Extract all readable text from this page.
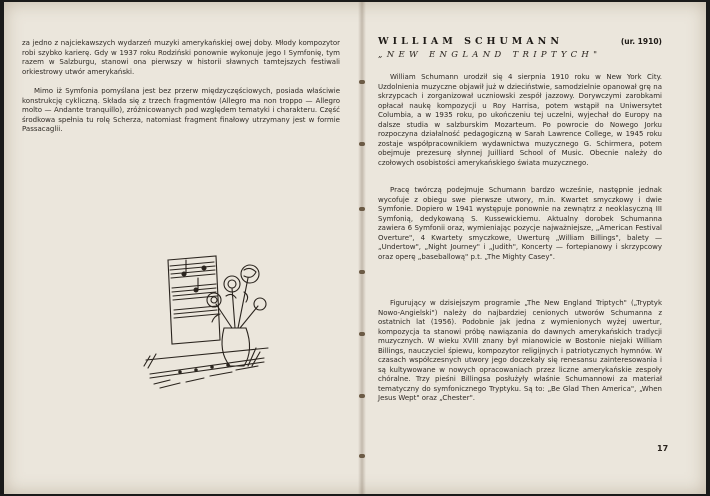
za jedno z najciekawszych wydarzeń muzyki amerykańskiej owej doby. Młody kompozytor robi szybko karierę. Gdy w 1937 roku Rodziński ponownie wykonuje jego I Symfonię, tym razem w Salzburgu, stanowi ona pierwszy w historii sławnych tamtejszych festiwali orkiestrowy utwór amerykański.

Mimo iż Symfonia pomyślana jest bez przerw międzyczęściowych, posiada właściwie konstrukcję cykliczną. Składa się z trzech fragmentów (Allegro ma non troppo — Allegro molto — Andante tranquillo), zróżnicowanych pod względem tematyki i charakteru. Część środkowa spełnia tu rolę Scherza, natomiast fragment finałowy utrzymany jest w formie Passacaglii.

WILLIAM SCHUMANN	(ur. 1910)
„NEW ENGLAND TRIPTYCH"

William Schumann urodził się 4 sierpnia 1910 roku w New York City. Uzdolnienia muzyczne objawił już w dzieciństwie, samodzielnie opanował grę na skrzypcach i zorganizował uczniowski zespół jazzowy. Dorywczymi zarobkami opłacał naukę kompozycji u Roy Harrisa, potem wstąpił na Uniwersytet Columbia, a w 1935 roku, po ukończeniu tej uczelni, wyjechał do Europy na dalsze studia w salzburskim Mozarteum. Po powrocie do Nowego Jorku rozpoczyna działalność pedagogiczną w Sarah Lawrence College, w 1945 roku zostaje współpracownikiem wydawnictwa muzycznego G. Schirmera, potem obejmuje prezesurę słynnej Juilliard School of Music. Obecnie należy do czołowych osobistości amerykańskiego świata muzycznego.

Pracę twórczą podejmuje Schumann bardzo wcześnie, następnie jednak wycofuje z obiegu swe pierwsze utwory, m.in. Kwartet smyczkowy i dwie Symfonie. Dopiero w 1941 występuje ponownie na zewnątrz z neoklasyczną III Symfonią, dedykowaną S. Kussewickiemu. Aktualny dorobek Schumanna zawiera 6 Symfonii oraz, wymieniając pozycje najważniejsze, „American Festival Overture", 4 Kwartety smyczkowe, Uwerturę „William Billings", balety — „Undertow", „Night Journey" i „Judith", Koncerty — fortepianowy i skrzypcowy oraz operę „baseballową" p.t. „The Mighty Casey".

Figurujący w dzisiejszym programie „The New England Triptych" („Tryptyk Nowo-Angielski") należy do najbardziej cenionych utworów Schumanna z ostatnich lat (1956). Podobnie jak jedna z wymienionych wyżej uwertur, kompozycja ta stanowi próbę nawiązania do dawnych amerykańskich tradycji muzycznych. W wieku XVIII znany był mianowicie w Bostonie niejaki William Billings, nauczyciel śpiewu, kompozytor religijnych i patriotycznych hymnów. W czasach współczesnych utwory jego doczekały się renesansu zainteresowania i są kultywowane w nowych opracowaniach przez liczne amerykańskie zespoły chóralne. Trzy pieśni Billingsa posłużyły właśnie Schumannowi za materiał tematyczny do symfonicznego Tryptyku. Są to: „Be Glad Then America", „When Jesus Wept" oraz „Chester".

17
